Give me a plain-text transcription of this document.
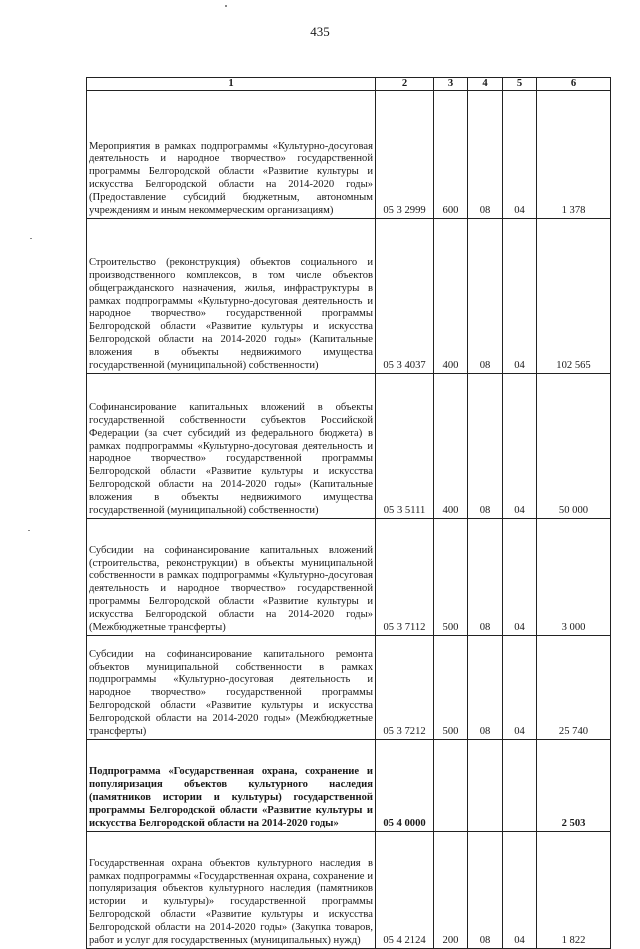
435
1	2	3	4	5	6
Мероприятия в рамках подпрограммы «Культурно-досуговая деятельность и народное творчество» государственной программы Белгородской области «Развитие культуры и искусства Белгородской области на 2014-2020 годы» (Предоставление субсидий бюджетным, автономным учреждениям и иным некоммерческим организациям)	05 3 2999	600	08	04	1 378
Строительство (реконструкция) объектов социального и производственного комплексов, в том числе объектов общегражданского назначения, жилья, инфраструктуры в рамках подпрограммы «Культурно-досуговая деятельность и народное творчество» государственной программы Белгородской области «Развитие культуры и искусства Белгородской области на 2014-2020 годы» (Капитальные вложения в объекты недвижимого имущества государственной (муниципальной) собственности)	05 3 4037	400	08	04	102 565
Софинансирование капитальных вложений в объекты государственной собственности субъектов Российской Федерации (за счет субсидий из федерального бюджета) в рамках подпрограммы «Культурно-досуговая деятельность и народное творчество» государственной программы Белгородской области «Развитие культуры и искусства Белгородской области на 2014-2020 годы» (Капитальные вложения в объекты недвижимого имущества государственной (муниципальной) собственности)	05 3 5111	400	08	04	50 000
Субсидии на софинансирование капитальных вложений (строительства, реконструкции) в объекты муниципальной собственности в рамках подпрограммы «Культурно-досуговая деятельность и народное творчество» государственной программы Белгородской области «Развитие культуры и искусства Белгородской области на 2014-2020 годы» (Межбюджетные трансферты)	05 3 7112	500	08	04	3 000
Субсидии на софинансирование капитального ремонта объектов муниципальной собственности в рамках подпрограммы «Культурно-досуговая деятельность и народное творчество» государственной программы Белгородской области «Развитие культуры и искусства Белгородской области на 2014-2020 годы» (Межбюджетные трансферты)	05 3 7212	500	08	04	25 740
Подпрограмма «Государственная охрана, сохранение и популяризация объектов культурного наследия (памятников истории и культуры) государственной программы Белгородской области «Развитие культуры и искусства Белгородской области на 2014-2020 годы»	05 4 0000				2 503
Государственная охрана объектов культурного наследия в рамках подпрограммы «Государственная охрана, сохранение и популяризация объектов культурного наследия (памятников истории и культуры)» государственной программы Белгородской области «Развитие культуры и искусства Белгородской области на 2014-2020 годы» (Закупка товаров, работ и услуг для государственных (муниципальных) нужд)	05 4 2124	200	08	04	1 822
